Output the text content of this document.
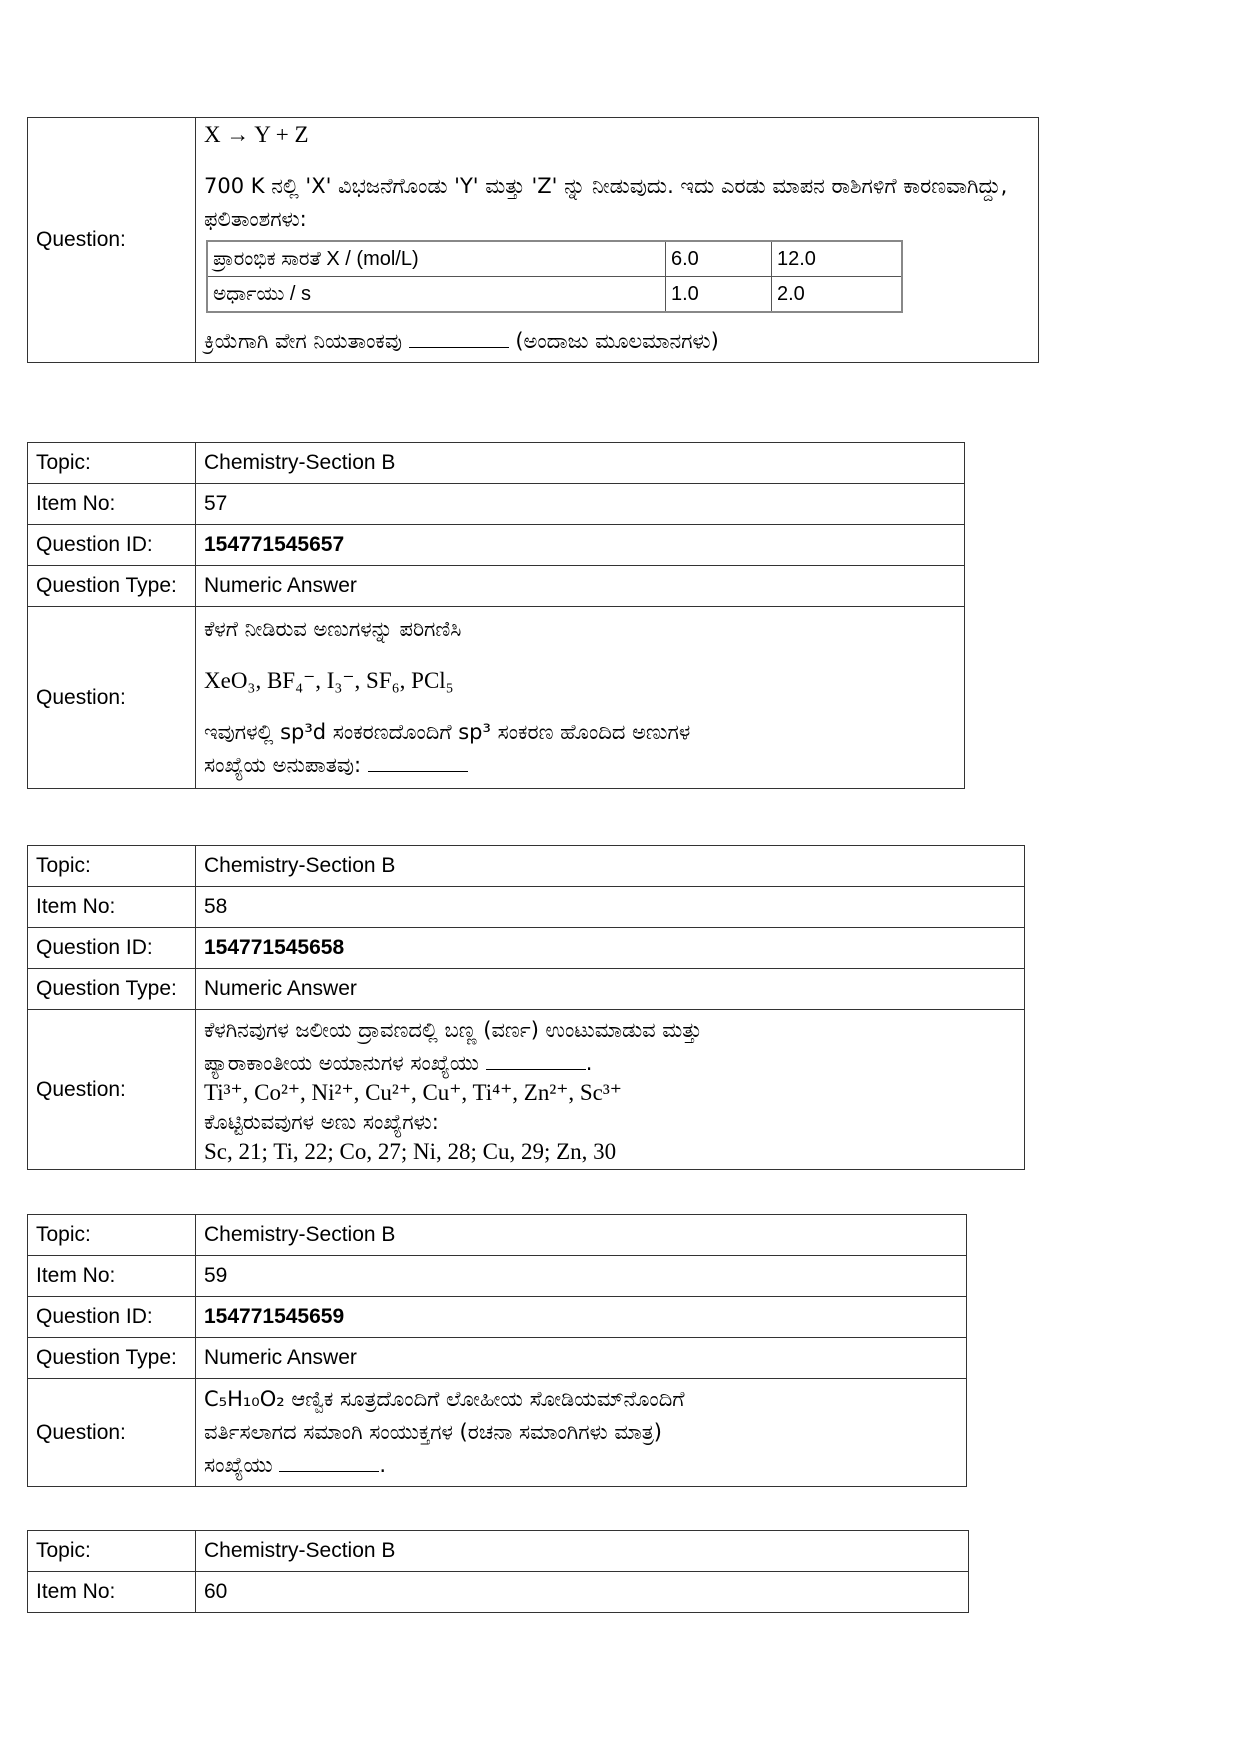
Question:	
X → Y + Z

700 K ನಲ್ಲಿ 'X' ವಿಭಜನೆಗೊಂಡು 'Y' ಮತ್ತು 'Z' ನ್ನು ನೀಡುವುದು. ಇದು ಎರಡು ಮಾಪನ ರಾಶಿಗಳಿಗೆ ಕಾರಣವಾಗಿದ್ದು, ಫಲಿತಾಂಶಗಳು:

ಪ್ರಾರಂಭಿಕ ಸಾರತೆ X / (mol/L)	6.0	12.0
ಅರ್ಧಾಯು / s	1.0	2.0

ಕ್ರಿಯೆಗಾಗಿ ವೇಗ ನಿಯತಾಂಕವು	(ಅಂದಾಜು ಮೂಲಮಾನಗಳು)

Topic:	Chemistry-Section B
Item No:	57
Question ID:	154771545657
Question Type:	Numeric Answer
Question:	ಕೆಳಗೆ ನೀಡಿರುವ ಅಣುಗಳನ್ನು ಪರಿಗಣಿಸಿ

XeO₃, BF₄⁻, I₃⁻, SF₆, PCl₅

ಇವುಗಳಲ್ಲಿ sp³d ಸಂಕರಣದೊಂದಿಗೆ sp³ ಸಂಕರಣ ಹೊಂದಿದ ಅಣುಗಳ

ಸಂಖ್ಯೆಯ ಅನುಪಾತವು:

Topic:	Chemistry-Section B
Item No:	58
Question ID:	154771545658
Question Type:	Numeric Answer
Question:	ಕೆಳಗಿನವುಗಳ ಜಲೀಯ ದ್ರಾವಣದಲ್ಲಿ ಬಣ್ಣ (ವರ್ಣ) ಉಂಟುಮಾಡುವ ಮತ್ತು

ಪ್ಯಾರಾಕಾಂತೀಯ ಅಯಾನುಗಳ ಸಂಖ್ಯೆಯು .

Ti³⁺, Co²⁺, Ni²⁺, Cu²⁺, Cu⁺, Ti⁴⁺, Zn²⁺, Sc³⁺

ಕೊಟ್ಟಿರುವವುಗಳ ಅಣು ಸಂಖ್ಯೆಗಳು:

Sc, 21; Ti, 22; Co, 27; Ni, 28; Cu, 29; Zn, 30

Topic:	Chemistry-Section B
Item No:	59
Question ID:	154771545659
Question Type:	Numeric Answer
Question:	C₅H₁₀O₂ ಆಣ್ವಿಕ ಸೂತ್ರದೊಂದಿಗೆ ಲೋಹೀಯ ಸೋಡಿಯಮ್‌ನೊಂದಿಗೆ

ವರ್ತಿಸಲಾಗದ ಸಮಾಂಗಿ ಸಂಯುಕ್ತಗಳ (ರಚನಾ ಸಮಾಂಗಿಗಳು ಮಾತ್ರ)

ಸಂಖ್ಯೆಯು .

Topic:	Chemistry-Section B
Item No:	60
